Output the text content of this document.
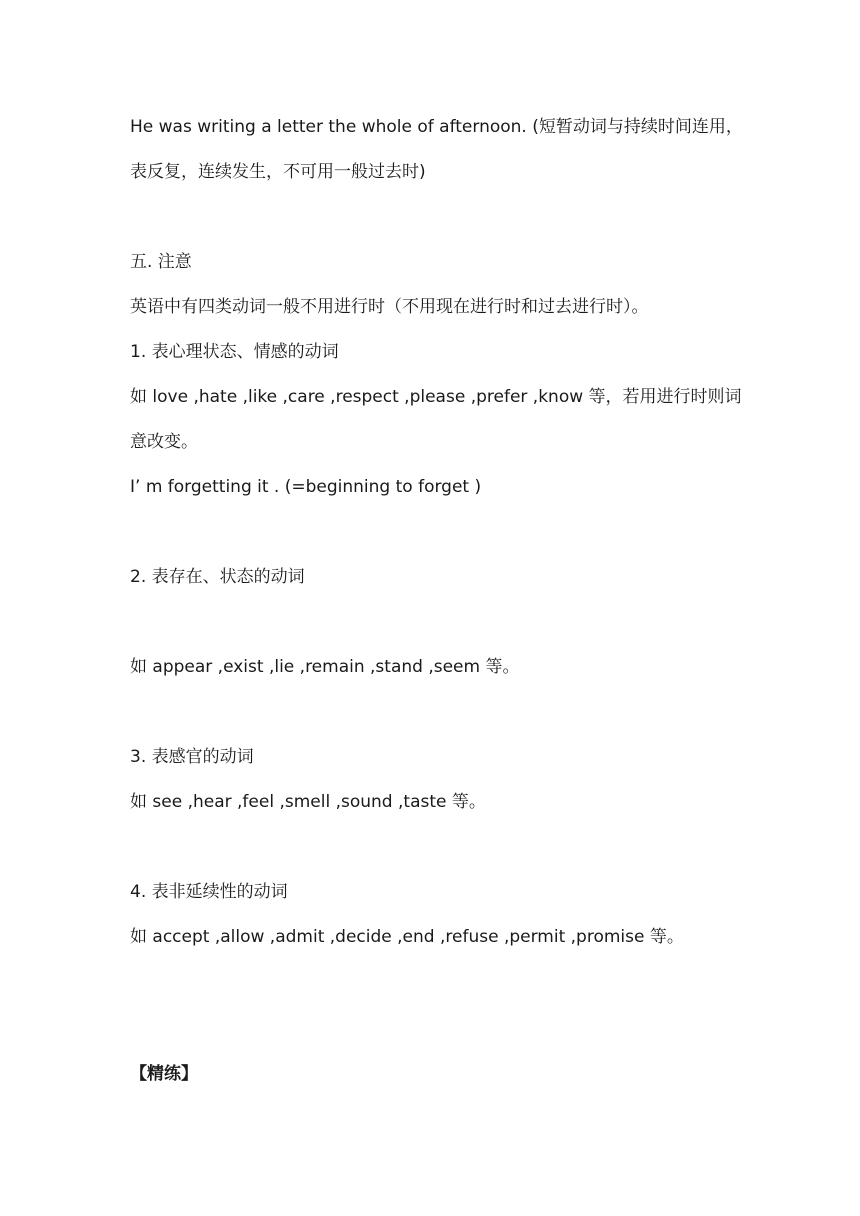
He was writing a letter the whole of afternoon. (短暂动词与持续时间连用，
表反复，连续发生，不可用一般过去时)
五. 注意
英语中有四类动词一般不用进行时（不用现在进行时和过去进行时）。
1. 表心理状态、情感的动词
如 love ,hate ,like ,care ,respect ,please ,prefer ,know 等，若用进行时则词
意改变。
I’ m forgetting it . (=beginning to forget )
2. 表存在、状态的动词
如 appear ,exist ,lie ,remain ,stand ,seem 等。
3. 表感官的动词
如 see ,hear ,feel ,smell ,sound ,taste 等。
4. 表非延续性的动词
如 accept ,allow ,admit ,decide ,end ,refuse ,permit ,promise 等。
【精练】
